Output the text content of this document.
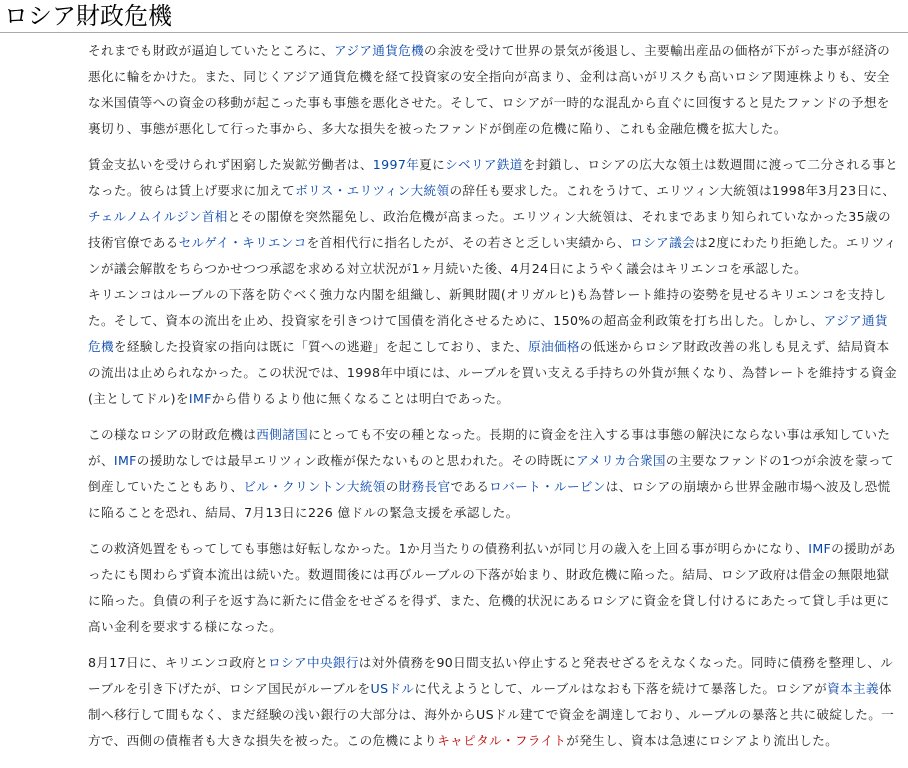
ロシア財政危機

それまでも財政が逼迫していたところに、アジア通貨危機の余波を受けて世界の景気が後退し、主要輸出産品の価格が下がった事が経済の悪化に輪をかけた。また、同じくアジア通貨危機を経て投資家の安全指向が高まり、金利は高いがリスクも高いロシア関連株よりも、安全な米国債等への資金の移動が起こった事も事態を悪化させた。そして、ロシアが一時的な混乱から直ぐに回復すると見たファンドの予想を裏切り、事態が悪化して行った事から、多大な損失を被ったファンドが倒産の危機に陥り、これも金融危機を拡大した。

賃金支払いを受けられず困窮した炭鉱労働者は、1997年夏にシベリア鉄道を封鎖し、ロシアの広大な領土は数週間に渡って二分される事となった。彼らは賃上げ要求に加えてボリス・エリツィン大統領の辞任も要求した。これをうけて、エリツィン大統領は1998年3月23日に、チェルノムイルジン首相とその閣僚を突然罷免し、政治危機が高まった。エリツィン大統領は、それまであまり知られていなかった35歳の技術官僚であるセルゲイ・キリエンコを首相代行に指名したが、その若さと乏しい実績から、ロシア議会は2度にわたり拒絶した。エリツィンが議会解散をちらつかせつつ承認を求める対立状況が1ヶ月続いた後、4月24日にようやく議会はキリエンコを承認した。

キリエンコはルーブルの下落を防ぐべく強力な内閣を組織し、新興財閥(オリガルヒ)も為替レート維持の姿勢を見せるキリエンコを支持した。そして、資本の流出を止め、投資家を引きつけて国債を消化させるために、150%の超高金利政策を打ち出した。しかし、アジア通貨危機を経験した投資家の指向は既に「質への逃避」を起こしており、また、原油価格の低迷からロシア財政改善の兆しも見えず、結局資本の流出は止められなかった。この状況では、1998年中頃には、ルーブルを買い支える手持ちの外貨が無くなり、為替レートを維持する資金(主としてドル)をIMFから借りるより他に無くなることは明白であった。

この様なロシアの財政危機は西側諸国にとっても不安の種となった。長期的に資金を注入する事は事態の解決にならない事は承知していたが、IMFの援助なしでは最早エリツィン政権が保たないものと思われた。その時既にアメリカ合衆国の主要なファンドの1つが余波を蒙って倒産していたこともあり、ビル・クリントン大統領の財務長官であるロバート・ルービンは、ロシアの崩壊から世界金融市場へ波及し恐慌に陥ることを恐れ、結局、7月13日に226 億ドルの緊急支援を承認した。

この救済処置をもってしても事態は好転しなかった。1か月当たりの債務利払いが同じ月の歳入を上回る事が明らかになり、IMFの援助があったにも関わらず資本流出は続いた。数週間後には再びルーブルの下落が始まり、財政危機に陥った。結局、ロシア政府は借金の無限地獄に陥った。負債の利子を返す為に新たに借金をせざるを得ず、また、危機的状況にあるロシアに資金を貸し付けるにあたって貸し手は更に高い金利を要求する様になった。

8月17日に、キリエンコ政府とロシア中央銀行は対外債務を90日間支払い停止すると発表せざるをえなくなった。同時に債務を整理し、ルーブルを引き下げたが、ロシア国民がルーブルをUSドルに代えようとして、ルーブルはなおも下落を続けて暴落した。ロシアが資本主義体制へ移行して間もなく、まだ経験の浅い銀行の大部分は、海外からUSドル建てで資金を調達しており、ルーブルの暴落と共に破綻した。一方で、西側の債権者も大きな損失を被った。この危機によりキャピタル・フライトが発生し、資本は急速にロシアより流出した。
